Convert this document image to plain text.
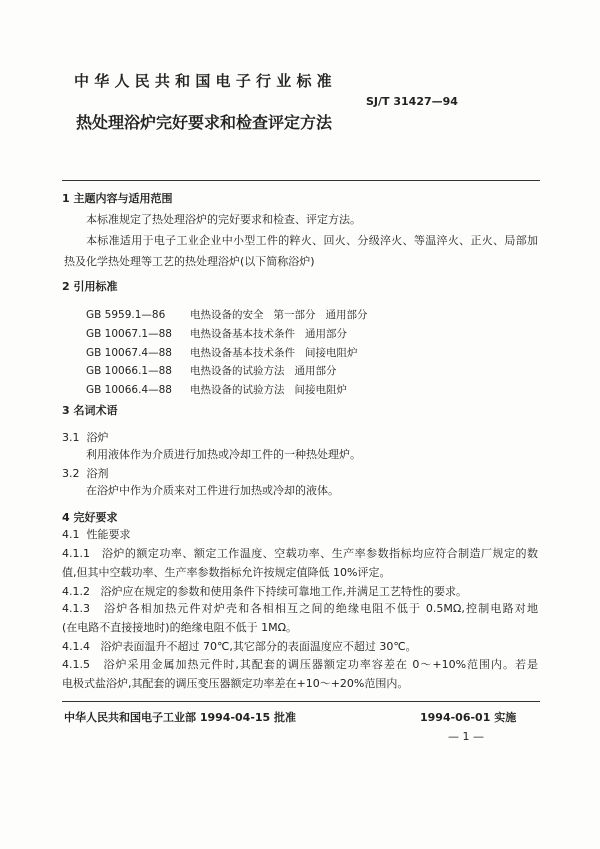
中 华 人 民 共 和 国 电 子 行 业 标 准
SJ/T 31427—94
热处理浴炉完好要求和检查评定方法
1 主题内容与适用范围
本标准规定了热处理浴炉的完好要求和检查、评定方法。
本标准适用于电子工业企业中小型工件的粹火、回火、分级淬火、等温淬火、正火、局部加
热及化学热处理等工艺的热处理浴炉(以下简称浴炉)
2 引用标准
GB 5959.1—86 电热设备的安全   第一部分   通用部分
GB 10067.1—88 电热设备基本技术条件   通用部分
GB 10067.4—88 电热设备基本技术条件   间接电阻炉
GB 10066.1—88 电热设备的试验方法   通用部分
GB 10066.4—88 电热设备的试验方法   间接电阻炉
3 名词术语
3.1  浴炉
利用液体作为介质进行加热或冷却工件的一种热处理炉。
3.2  浴剂
在浴炉中作为介质来对工件进行加热或冷却的液体。
4 完好要求
4.1  性能要求
4.1.1   浴炉的额定功率、额定工作温度、空载功率、生产率参数指标均应符合制造厂规定的数
值,但其中空载功率、生产率参数指标允许按规定值降低 10%评定。
4.1.2   浴炉应在规定的参数和使用条件下持续可靠地工作,并满足工艺特性的要求。
4.1.3   浴炉各相加热元件对炉壳和各相相互之间的绝缘电阻不低于 0.5MΩ,控制电路对地
(在电路不直接接地时)的绝缘电阻不低于 1MΩ。
4.1.4   浴炉表面温升不超过 70℃,其它部分的表面温度应不超过 30℃。
4.1.5   浴炉采用金属加热元件时,其配套的调压器额定功率容差在 0～+10%范围内。若是
电极式盐浴炉,其配套的调压变压器额定功率差在+10～+20%范围内。
中华人民共和国电子工业部 1994-04-15 批准	1994-06-01 实施
— 1 —
